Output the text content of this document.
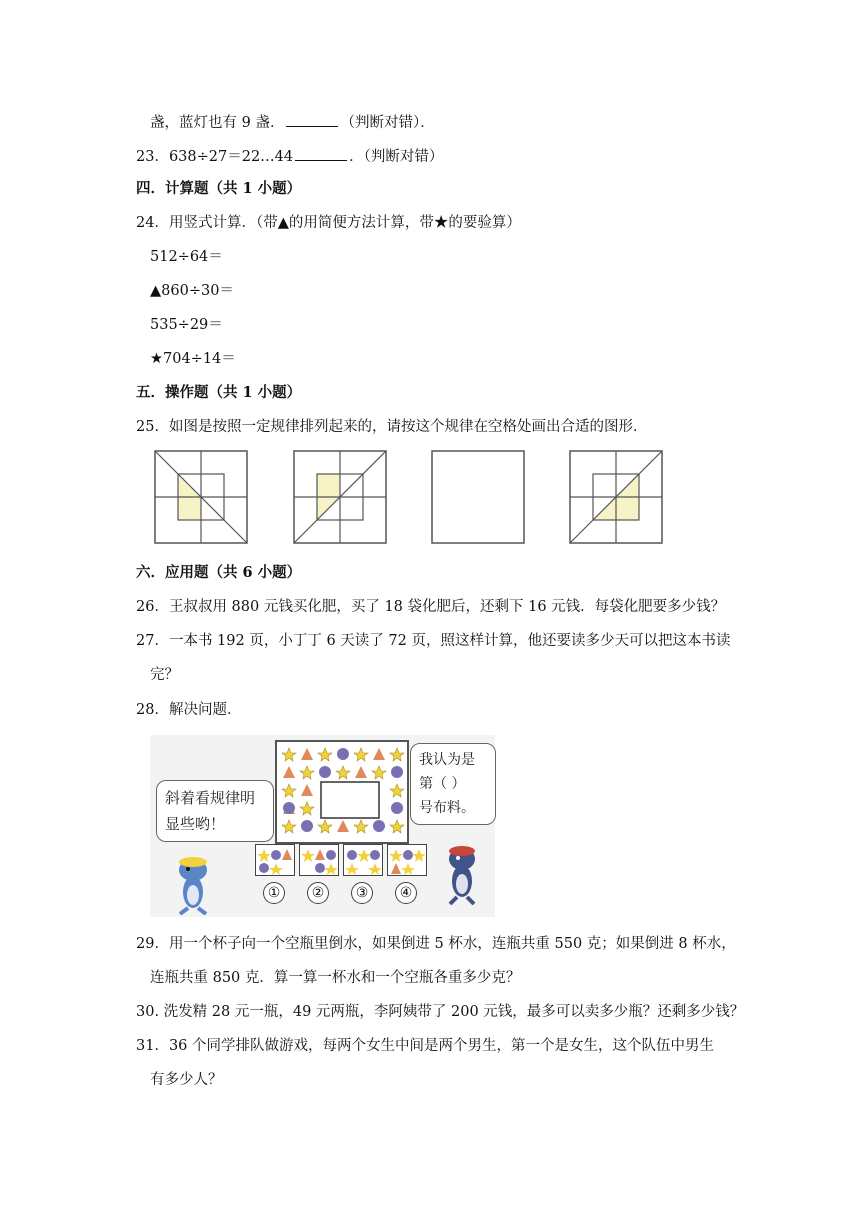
盏，蓝灯也有 9 盏．	（判断对错）．
23．638÷27＝22…44	．（判断对错）
四．计算题（共 1 小题）
24．用竖式计算．（带▲的用简便方法计算，带★的要验算）
512÷64＝
▲860÷30＝
535÷29＝
★704÷14＝
五．操作题（共 1 小题）
25．如图是按照一定规律排列起来的，请按这个规律在空格处画出合适的图形．
六．应用题（共 6 小题）
26．王叔叔用 880 元钱买化肥，买了 18 袋化肥后，还剩下 16 元钱．每袋化肥要多少钱？
27．一本书 192 页，小丁丁 6 天读了 72 页，照这样计算，他还要读多少天可以把这本书读
完？
28．解决问题．
斜着看规律明
显些哟！
我认为是
第（ ）
号布料。
①	②	③	④
29．用一个杯子向一个空瓶里倒水，如果倒进 5 杯水，连瓶共重 550 克；如果倒进 8 杯水，
连瓶共重 850 克．算一算一杯水和一个空瓶各重多少克？
30. 洗发精 28 元一瓶，49 元两瓶，李阿姨带了 200 元钱，最多可以卖多少瓶？还剩多少钱？
31．36 个同学排队做游戏，每两个女生中间是两个男生，第一个是女生，这个队伍中男生
有多少人？
